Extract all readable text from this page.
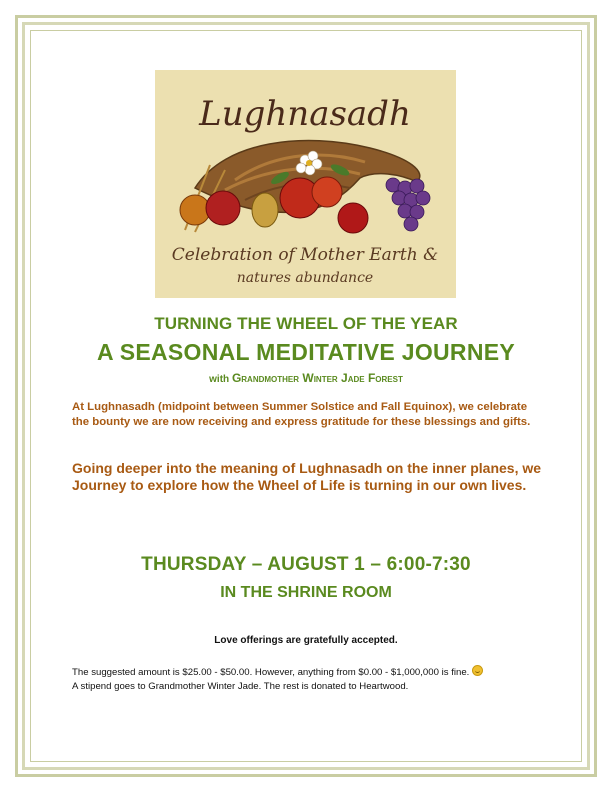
Lughnasadh
Celebration of Mother Earth &
natures abundance
TURNING THE WHEEL OF THE YEAR
A SEASONAL MEDITATIVE JOURNEY
with Grandmother Winter Jade Forest
At Lughnasadh (midpoint between Summer Solstice and Fall Equinox), we celebrate the bounty we are now receiving and express gratitude for these blessings and gifts.
Going deeper into the meaning of Lughnasadh on the inner planes, we Journey to explore how the Wheel of Life is turning in our own lives.
THURSDAY – AUGUST 1 – 6:00-7:30
IN THE SHRINE ROOM
Love offerings are gratefully accepted.
The suggested amount is $25.00 - $50.00. However, anything from $0.00 - $1,000,000 is fine.
A stipend goes to Grandmother Winter Jade. The rest is donated to Heartwood.
